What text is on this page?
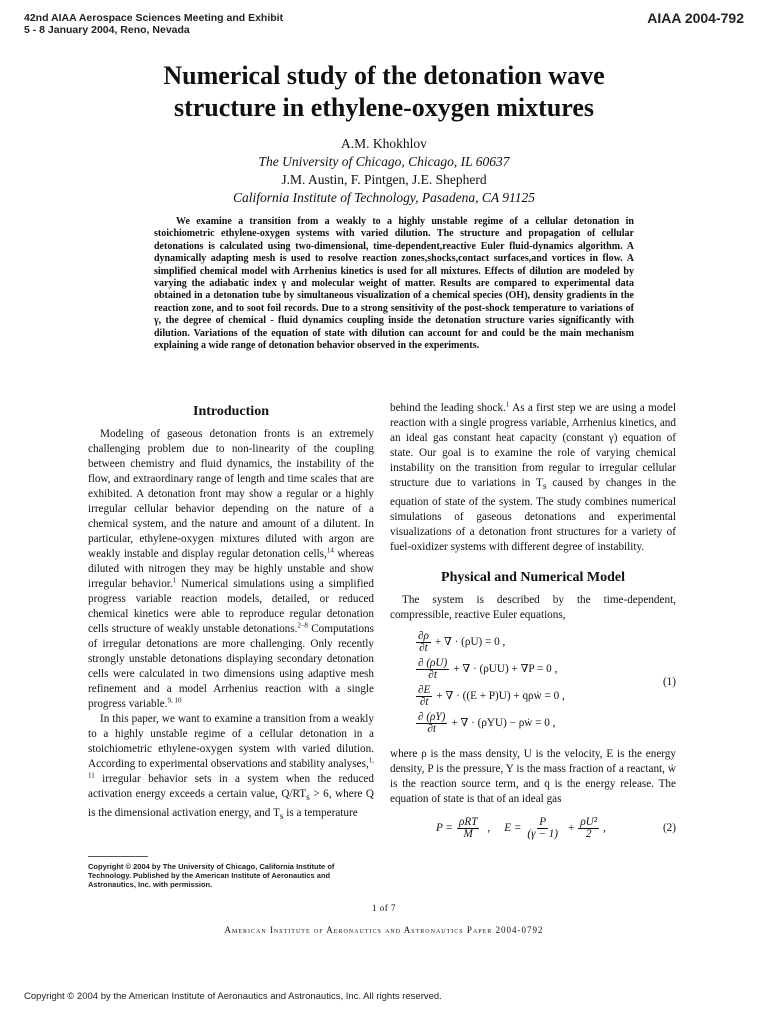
42nd AIAA Aerospace Sciences Meeting and Exhibit
5 - 8 January 2004, Reno, Nevada
AIAA 2004-792
Numerical study of the detonation wave
structure in ethylene-oxygen mixtures
A.M. Khokhlov
The University of Chicago, Chicago, IL 60637
J.M. Austin, F. Pintgen, J.E. Shepherd
California Institute of Technology, Pasadena, CA 91125

We examine a transition from a weakly to a highly unstable regime of a cellular detonation in stoichiometric ethylene-oxygen systems with varied dilution. The structure and propagation of cellular detonations is calculated using two-dimensional, time-dependent,reactive Euler fluid-dynamics algorithm. A dynamically adapting mesh is used to resolve reaction zones,shocks,contact surfaces,and vortices in flow. A simplified chemical model with Arrhenius kinetics is used for all mixtures. Effects of dilution are modeled by varying the adiabatic index γ and molecular weight of matter. Results are compared to experimental data obtained in a detonation tube by simultaneous visualization of a chemical species (OH), density gradients in the reaction zone, and to soot foil records. Due to a strong sensitivity of the post-shock temperature to variations of γ, the degree of chemical - fluid dynamics coupling inside the detonation structure varies significantly with dilution. Variations of the equation of state with dilution can account for and could be the main mechanism explaining a wide range of detonation behavior observed in the experiments.

Introduction

Modeling of gaseous detonation fronts is an extremely challenging problem due to non-linearity of the coupling between chemistry and fluid dynamics, the instability of the flow, and extraordinary range of length and time scales that are exhibited. A detonation front may show a regular or a highly irregular cellular behavior depending on the nature of a chemical system, and the nature and amount of a dilutent. In particular, ethylene-oxygen mixtures diluted with argon are weakly instable and display regular detonation cells,$^{14}$ whereas diluted with nitrogen they may be highly unstable and show irregular behavior.$^1$ Numerical simulations using a simplified progress variable reaction models, detailed, or reduced chemical kinetics were able to reproduce regular detonation cells structure of weakly unstable detonations.$^{2-8}$ Computations of irregular detonations are more challenging. Only recently strongly unstable detonations displaying secondary detonation cells were calculated in two dimensions using adaptive mesh refinement and a model Arrhenius reaction with a single progress variable.$^{9, 10}$

In this paper, we want to examine a transition from a weakly to a highly unstable regime of a cellular detonation in a stoichiometric ethylene-oxygen system with varied dilution. According to experimental observations and stability analyses,$^{1, 11}$ irregular behavior sets in a system when the reduced activation energy exceeds a certain value, $Q/RT_s > 6$, where Q is the dimensional activation energy, and $T_s$ is a temperature

behind the leading shock.$^1$ As a first step we are using a model reaction with a single progress variable, Arrhenius kinetics, and an ideal gas constant heat capacity (constant γ) equation of state. Our goal is to examine the role of varying chemical instability on the transition from regular to irregular cellular structure due to variations in $T_s$ caused by changes in the equation of state of the system. The study combines numerical simulations of gaseous detonations and experimental visualizations of a detonation front structures for a variety of fuel-oxidizer systems with different degree of instability.

Physical and Numerical Model

The system is described by the time-dependent, compressible, reactive Euler equations,

$\frac{\partial\rho}{\partial t}$ + ∇ · (ρU) = 0 ,
$\frac{\partial (\rho U)}{\partial t}$ + ∇ · (ρUU) + ∇P = 0 ,
$\frac{\partial E}{\partial t}$ + ∇ · ((E + P)U) + qρẇ = 0 ,
$\frac{\partial (\rho Y)}{\partial t}$ + ∇ · (ρYU) − ρẇ = 0 ,
(1)

where ρ is the mass density, U is the velocity, E is the energy density, P is the pressure, Y is the mass fraction of a reactant, ẇ is the reaction source term, and q is the energy release. The equation of state is that of an ideal gas

$P = \frac{\text{ρRT}}{M}$ ,     $E = \frac{P}{(\gamma - 1)} + \frac{\text{ρU²}}{2}$ ,	(2)
Copyright © 2004 by The University of Chicago, California Institute of Technology. Published by the American Institute of Aeronautics and Astronautics, Inc. with permission.
1 of 7
American Institute of Aeronautics and Astronautics Paper 2004-0792
Copyright © 2004 by the American Institute of Aeronautics and Astronautics, Inc. All rights reserved.
